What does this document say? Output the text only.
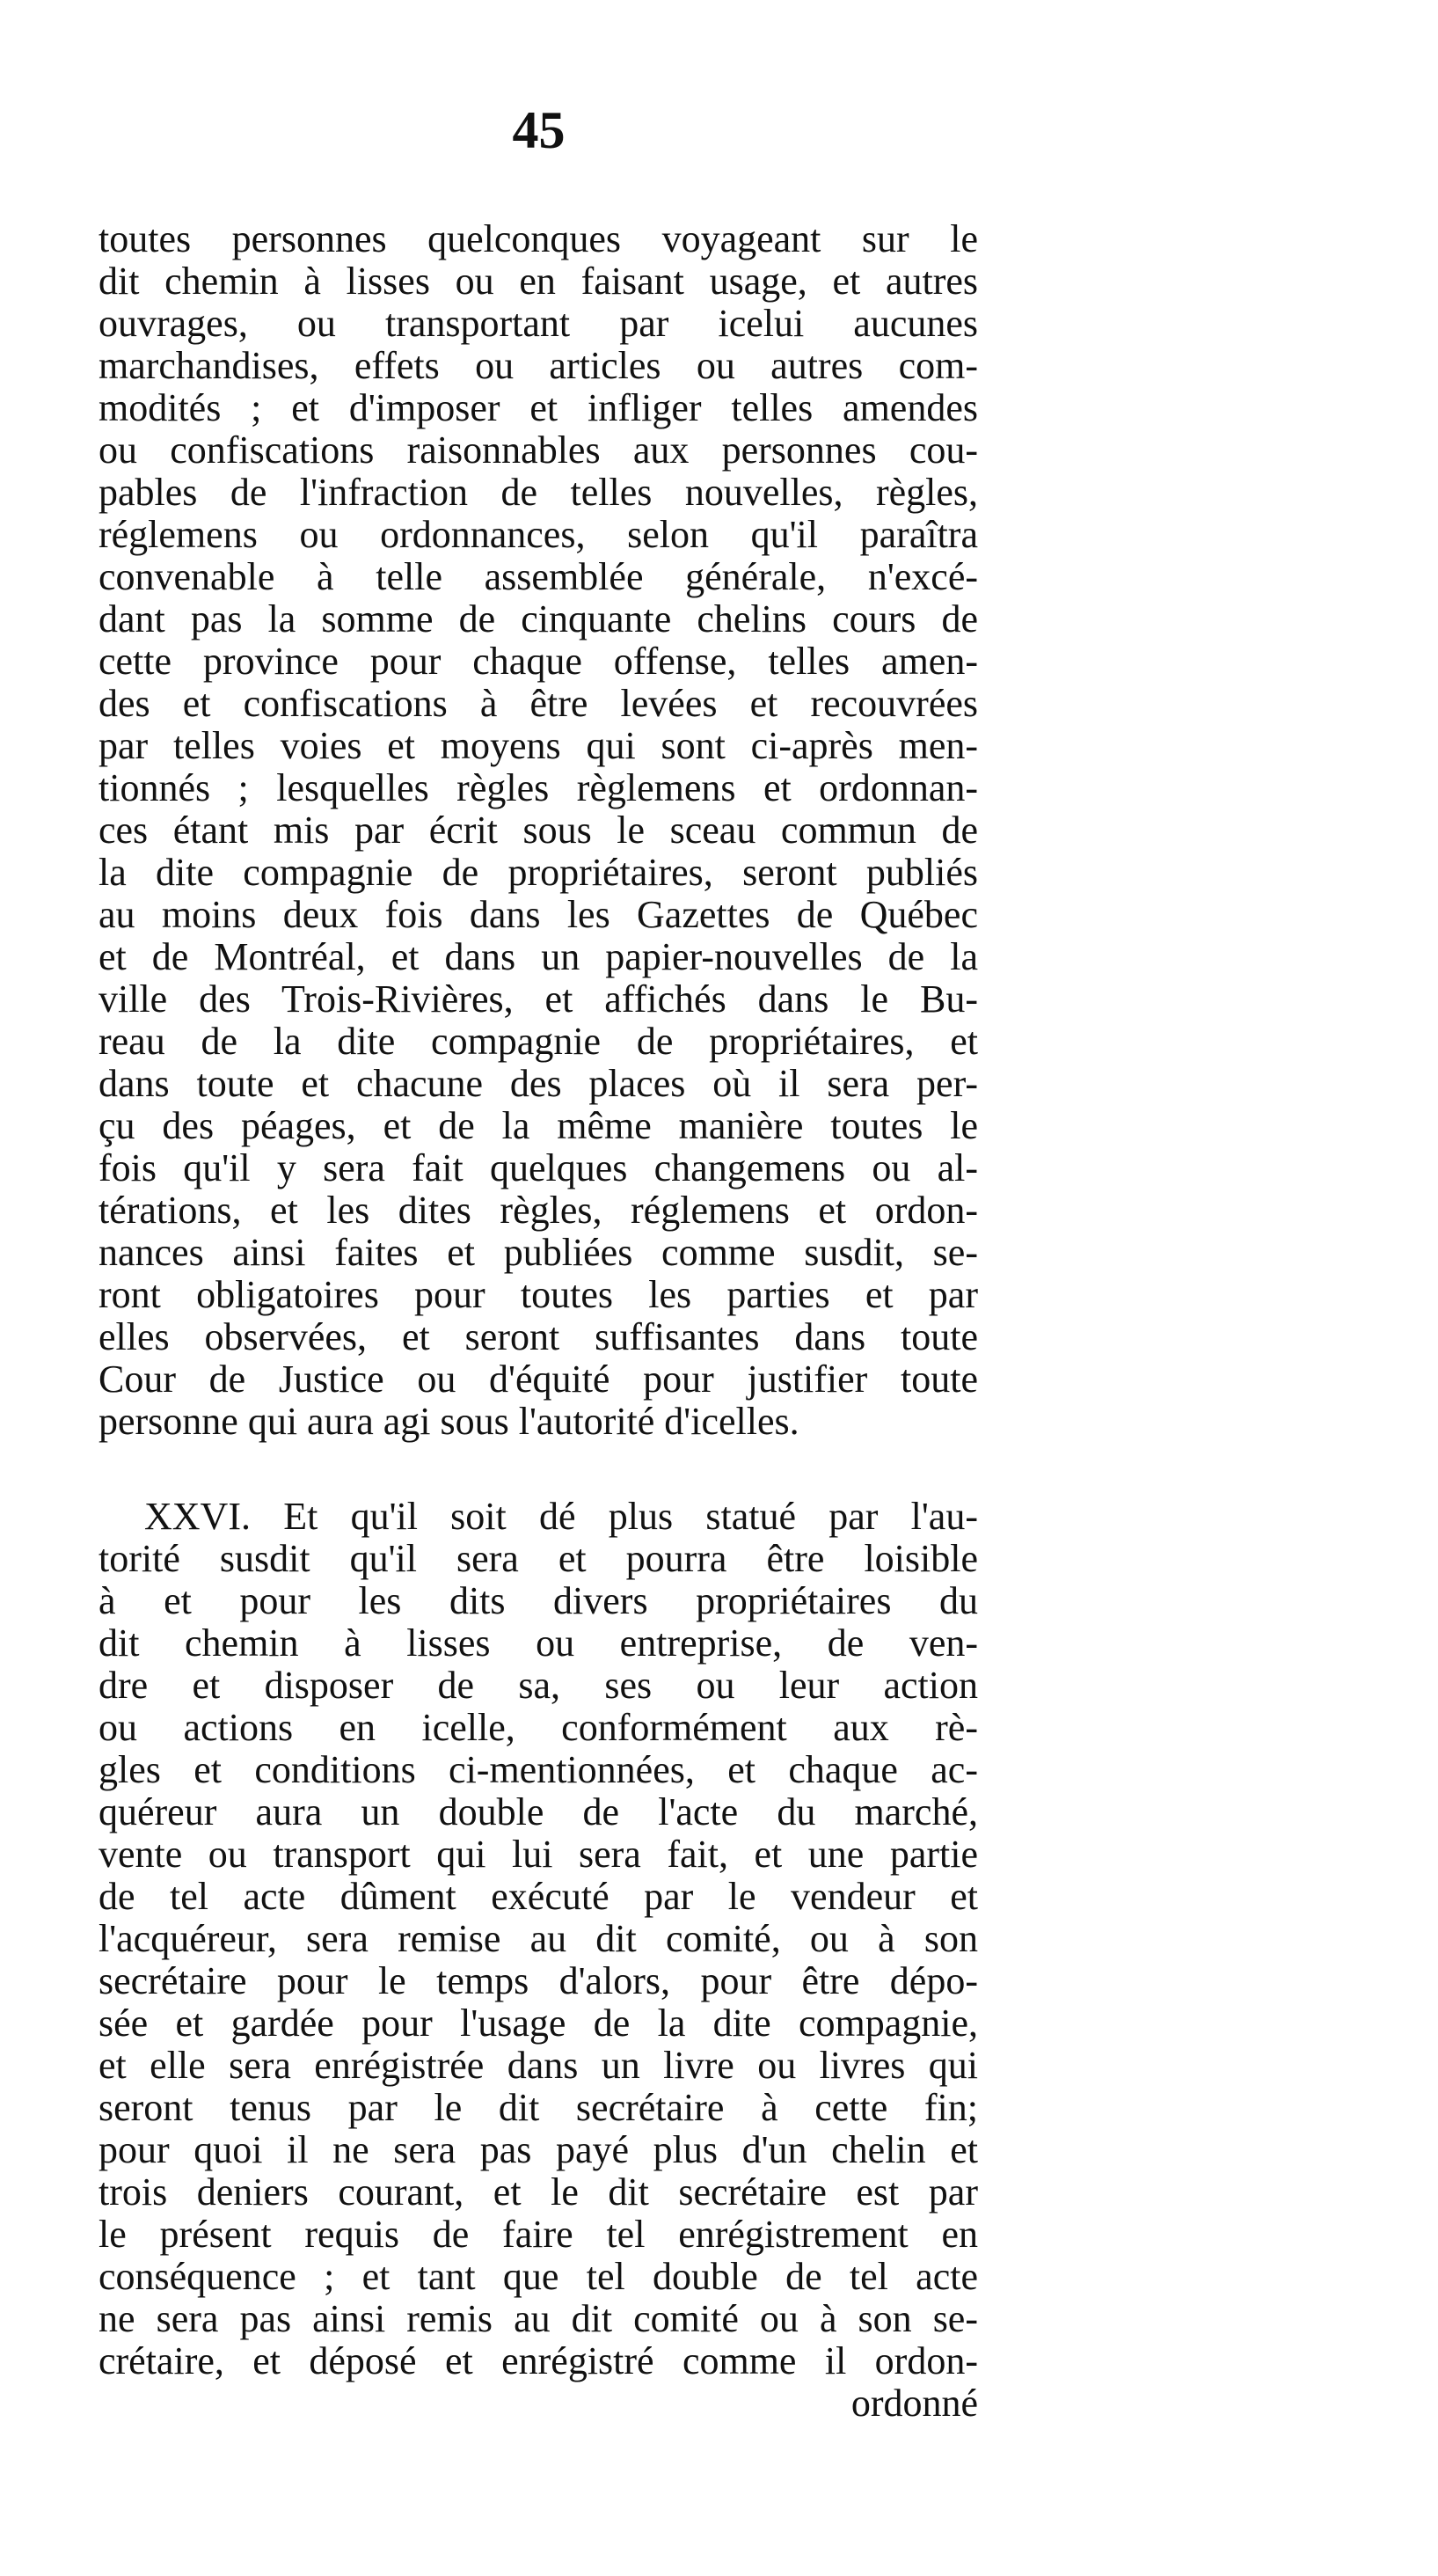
45
toutes personnes quelconques voyageant sur le
dit chemin à lisses ou en faisant usage, et autres
ouvrages, ou transportant par icelui aucunes
marchandises, effets ou articles ou autres com-
modités ; et d'imposer et infliger telles amendes
ou confiscations raisonnables aux personnes cou-
pables de l'infraction de telles nouvelles, règles,
réglemens ou ordonnances, selon qu'il paraîtra
convenable à telle assemblée générale, n'excé-
dant pas la somme de cinquante chelins cours de
cette province pour chaque offense, telles amen-
des et confiscations à être levées et recouvrées
par telles voies et moyens qui sont ci-après men-
tionnés ; lesquelles règles règlemens et ordonnan-
ces étant mis par écrit sous le sceau commun de
la dite compagnie de propriétaires, seront publiés
au moins deux fois dans les Gazettes de Québec
et de Montréal, et dans un papier-nouvelles de la
ville des Trois-Rivières, et affichés dans le Bu-
reau de la dite compagnie de propriétaires, et
dans toute et chacune des places où il sera per-
çu des péages, et de la même manière toutes le
fois qu'il y sera fait quelques changemens ou al-
térations, et les dites règles, réglemens et ordon-
nances ainsi faites et publiées comme susdit, se-
ront obligatoires pour toutes les parties et par
elles observées, et seront suffisantes dans toute
Cour de Justice ou d'équité pour justifier toute
personne qui aura agi sous l'autorité d'icelles.
XXVI. Et qu'il soit dé plus statué par l'au-
torité susdit qu'il sera et pourra être loisible
à et pour les dits divers propriétaires du
dit chemin à lisses ou entreprise, de ven-
dre et disposer de sa, ses ou leur action
ou actions en icelle, conformément aux rè-
gles et conditions ci-mentionnées, et chaque ac-
quéreur aura un double de l'acte du marché,
vente ou transport qui lui sera fait, et une partie
de tel acte dûment exécuté par le vendeur et
l'acquéreur, sera remise au dit comité, ou à son
secrétaire pour le temps d'alors, pour être dépo-
sée et gardée pour l'usage de la dite compagnie,
et elle sera enrégistrée dans un livre ou livres qui
seront tenus par le dit secrétaire à cette fin;
pour quoi il ne sera pas payé plus d'un chelin et
trois deniers courant, et le dit secrétaire est par
le présent requis de faire tel enrégistrement en
conséquence ; et tant que tel double de tel acte
ne sera pas ainsi remis au dit comité ou à son se-
crétaire, et déposé et enrégistré comme il ordon-
ordonné
